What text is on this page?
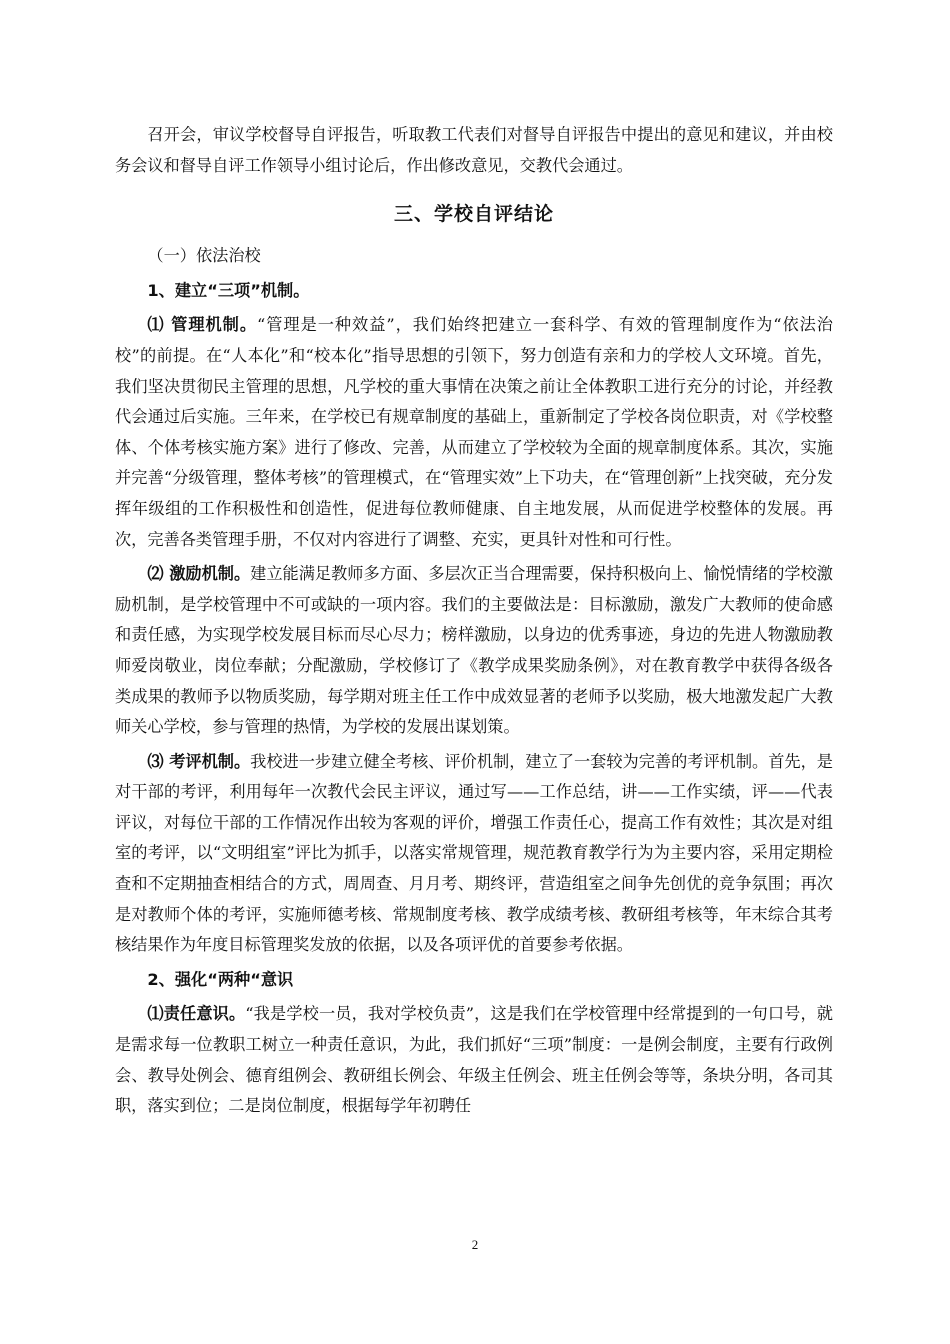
召开会，审议学校督导自评报告，听取教工代表们对督导自评报告中提出的意见和建议，并由校务会议和督导自评工作领导小组讨论后，作出修改意见，交教代会通过。

三、学校自评结论

（一）依法治校

1、建立“三项”机制。

⑴ 管理机制。“管理是一种效益”，我们始终把建立一套科学、有效的管理制度作为“依法治校”的前提。在“人本化”和“校本化”指导思想的引领下，努力创造有亲和力的学校人文环境。首先，我们坚决贯彻民主管理的思想，凡学校的重大事情在决策之前让全体教职工进行充分的讨论，并经教代会通过后实施。三年来，在学校已有规章制度的基础上，重新制定了学校各岗位职责，对《学校整体、个体考核实施方案》进行了修改、完善，从而建立了学校较为全面的规章制度体系。其次，实施并完善“分级管理，整体考核”的管理模式，在“管理实效”上下功夫，在“管理创新”上找突破，充分发挥年级组的工作积极性和创造性，促进每位教师健康、自主地发展，从而促进学校整体的发展。再次，完善各类管理手册，不仅对内容进行了调整、充实，更具针对性和可行性。

⑵ 激励机制。建立能满足教师多方面、多层次正当合理需要，保持积极向上、愉悦情绪的学校激励机制，是学校管理中不可或缺的一项内容。我们的主要做法是：目标激励，激发广大教师的使命感和责任感，为实现学校发展目标而尽心尽力；榜样激励，以身边的优秀事迹，身边的先进人物激励教师爱岗敬业，岗位奉献；分配激励，学校修订了《教学成果奖励条例》，对在教育教学中获得各级各类成果的教师予以物质奖励，每学期对班主任工作中成效显著的老师予以奖励，极大地激发起广大教师关心学校，参与管理的热情，为学校的发展出谋划策。

⑶ 考评机制。我校进一步建立健全考核、评价机制，建立了一套较为完善的考评机制。首先，是对干部的考评，利用每年一次教代会民主评议，通过写——工作总结，讲——工作实绩，评——代表评议，对每位干部的工作情况作出较为客观的评价，增强工作责任心，提高工作有效性；其次是对组室的考评，以“文明组室”评比为抓手，以落实常规管理，规范教育教学行为为主要内容，采用定期检查和不定期抽查相结合的方式，周周查、月月考、期终评，营造组室之间争先创优的竞争氛围；再次是对教师个体的考评，实施师德考核、常规制度考核、教学成绩考核、教研组考核等，年末综合其考核结果作为年度目标管理奖发放的依据，以及各项评优的首要参考依据。

2、强化“两种“意识

⑴责任意识。“我是学校一员，我对学校负责”，这是我们在学校管理中经常提到的一句口号，就是需求每一位教职工树立一种责任意识，为此，我们抓好“三项”制度：一是例会制度，主要有行政例会、教导处例会、德育组例会、教研组长例会、年级主任例会、班主任例会等等，条块分明，各司其职，落实到位；二是岗位制度，根据每学年初聘任

2
